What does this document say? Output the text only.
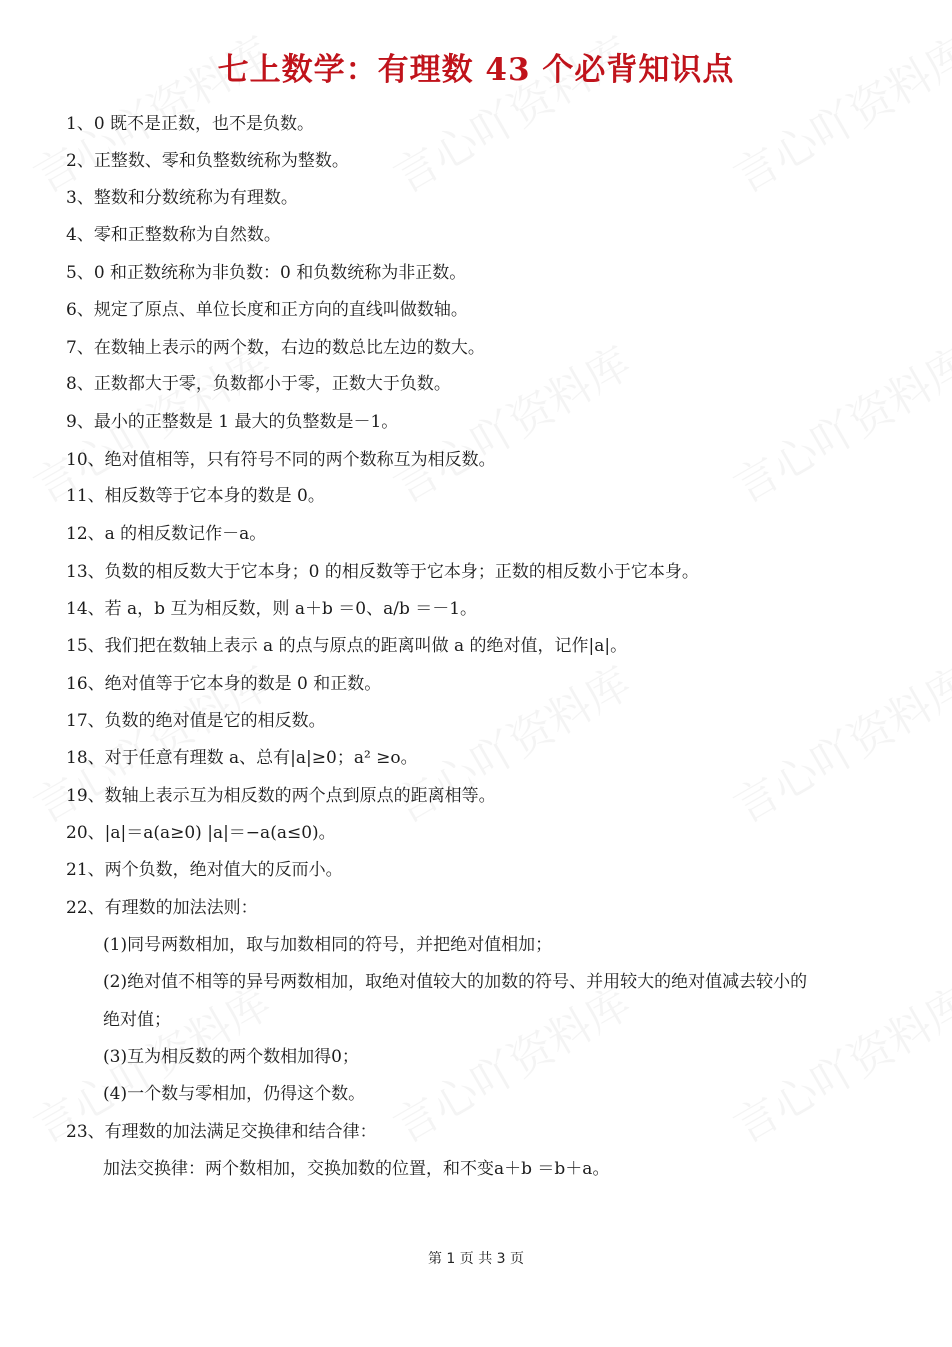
七上数学：有理数 43 个必背知识点
1、0 既不是正数，也不是负数。
2、正整数、零和负整数统称为整数。
3、整数和分数统称为有理数。
4、零和正整数称为自然数。
5、0 和正数统称为非负数：0 和负数统称为非正数。
6、规定了原点、单位长度和正方向的直线叫做数轴。
7、在数轴上表示的两个数，右边的数总比左边的数大。
8、正数都大于零，负数都小于零，正数大于负数。
9、最小的正整数是 1 最大的负整数是－1。
10、绝对值相等，只有符号不同的两个数称互为相反数。
11、相反数等于它本身的数是 0。
12、a 的相反数记作－a。
13、负数的相反数大于它本身；0 的相反数等于它本身；正数的相反数小于它本身。
14、若 a，b 互为相反数，则 a＋b ＝0、a/b ＝－1。
15、我们把在数轴上表示 a 的点与原点的距离叫做 a 的绝对值，记作|a|。
16、绝对值等于它本身的数是 0 和正数。
17、负数的绝对值是它的相反数。
18、对于任意有理数 a、总有|a|≥0；a² ≥o。
19、数轴上表示互为相反数的两个点到原点的距离相等。
20、|a|＝a(a≥0) |a|＝−a(a≤0)。
21、两个负数，绝对值大的反而小。
22、有理数的加法法则：
(1)同号两数相加，取与加数相同的符号，并把绝对值相加；
(2)绝对值不相等的异号两数相加，取绝对值较大的加数的符号、并用较大的绝对值减去较小的
绝对值；
(3)互为相反数的两个数相加得0；
(4)一个数与零相加，仍得这个数。
23、有理数的加法满足交换律和结合律：
加法交换律：两个数相加，交换加数的位置，和不变a＋b ＝b＋a。
第 1 页 共 3 页
